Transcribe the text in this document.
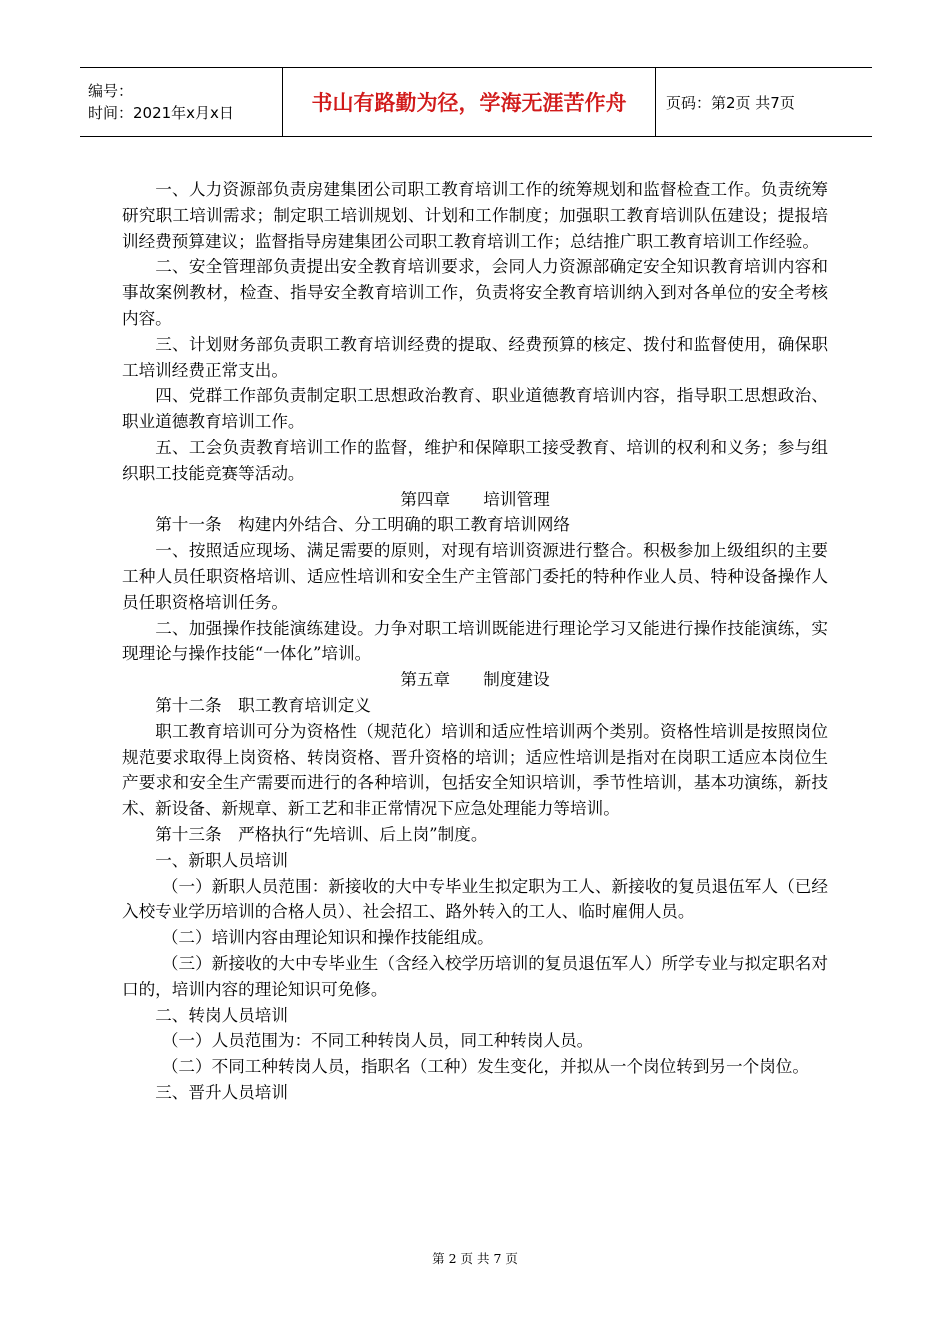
编号：
时间：2021年x月x日	书山有路勤为径，学海无涯苦作舟	页码：第2页 共7页

一、人力资源部负责房建集团公司职工教育培训工作的统筹规划和监督检查工作。负责统筹研究职工培训需求；制定职工培训规划、计划和工作制度；加强职工教育培训队伍建设；提报培训经费预算建议；监督指导房建集团公司职工教育培训工作；总结推广职工教育培训工作经验。

二、安全管理部负责提出安全教育培训要求，会同人力资源部确定安全知识教育培训内容和事故案例教材，检查、指导安全教育培训工作，负责将安全教育培训纳入到对各单位的安全考核内容。

三、计划财务部负责职工教育培训经费的提取、经费预算的核定、拨付和监督使用，确保职工培训经费正常支出。

四、党群工作部负责制定职工思想政治教育、职业道德教育培训内容，指导职工思想政治、职业道德教育培训工作。

五、工会负责教育培训工作的监督，维护和保障职工接受教育、培训的权利和义务；参与组织职工技能竞赛等活动。

第四章　　培训管理

第十一条　构建内外结合、分工明确的职工教育培训网络

一、按照适应现场、满足需要的原则，对现有培训资源进行整合。积极参加上级组织的主要工种人员任职资格培训、适应性培训和安全生产主管部门委托的特种作业人员、特种设备操作人员任职资格培训任务。

二、加强操作技能演练建设。力争对职工培训既能进行理论学习又能进行操作技能演练，实现理论与操作技能“一体化”培训。

第五章　　制度建设

第十二条　职工教育培训定义

职工教育培训可分为资格性（规范化）培训和适应性培训两个类别。资格性培训是按照岗位规范要求取得上岗资格、转岗资格、晋升资格的培训；适应性培训是指对在岗职工适应本岗位生产要求和安全生产需要而进行的各种培训，包括安全知识培训，季节性培训，基本功演练，新技术、新设备、新规章、新工艺和非正常情况下应急处理能力等培训。

第十三条　严格执行“先培训、后上岗”制度。

一、新职人员培训

（一）新职人员范围：新接收的大中专毕业生拟定职为工人、新接收的复员退伍军人（已经入校专业学历培训的合格人员）、社会招工、路外转入的工人、临时雇佣人员。

（二）培训内容由理论知识和操作技能组成。

（三）新接收的大中专毕业生（含经入校学历培训的复员退伍军人）所学专业与拟定职名对口的，培训内容的理论知识可免修。

二、转岗人员培训

（一）人员范围为：不同工种转岗人员，同工种转岗人员。

（二）不同工种转岗人员，指职名（工种）发生变化，并拟从一个岗位转到另一个岗位。

三、晋升人员培训

第 2 页 共 7 页
